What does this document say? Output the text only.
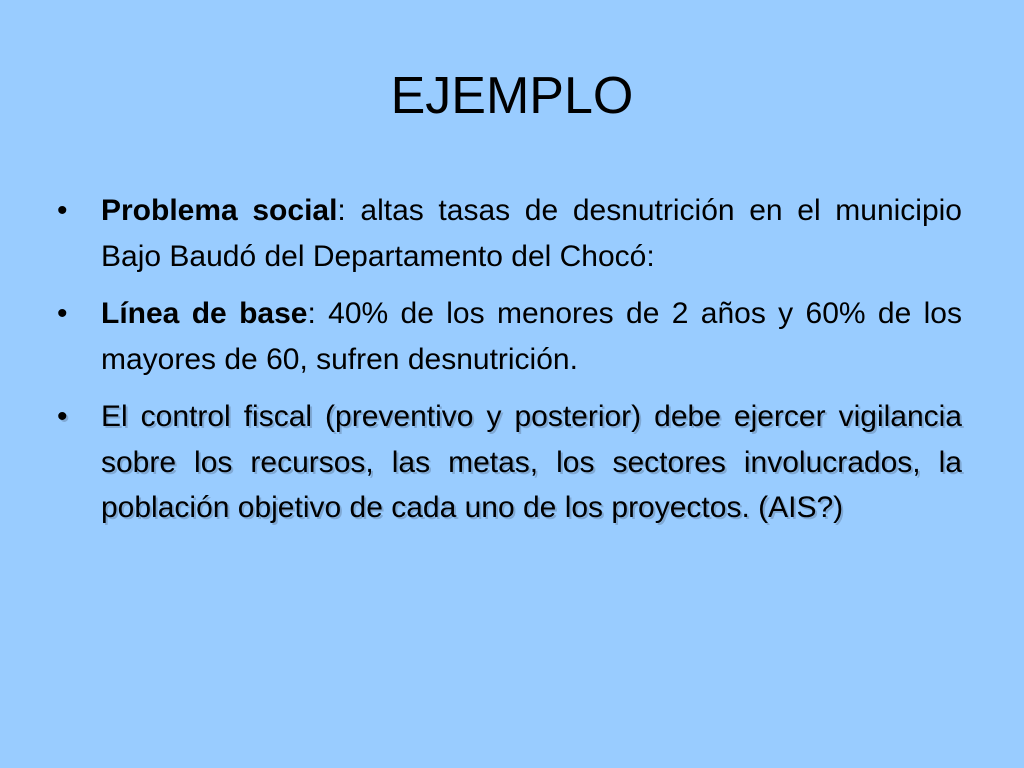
EJEMPLO
•	Problema social: altas tasas de desnutrición en el municipio Bajo Baudó del Departamento del Chocó:
•	Línea de base: 40% de los menores de 2 años y 60% de los mayores de 60, sufren desnutrición.
•	El control fiscal (preventivo y posterior) debe ejercer vigilancia sobre los recursos, las metas, los sectores involucrados, la población objetivo de cada uno de los proyectos. (AIS?)
